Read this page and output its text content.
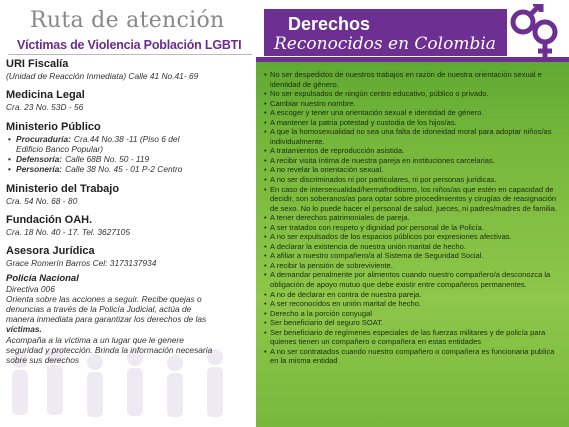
Ruta de atención
Víctimas de Violencia Población LGBTI
URI Fiscalía
(Unidad de Reacción Inmediata) Calle 41 No.41- 69
Medicina Legal
Cra. 23 No. 53D - 56
Ministerio Público
• Procuraduría: Cra.44 No.38 -11 (Piso 6 del
Edificio Banco Popular)
• Defensoría: Calle 68B No. 50 - 119
• Personería: Calle 38 No. 45 - 01 P-2 Centro
Ministerio del Trabajo
Cra. 54 No. 68 - 80
Fundación OAH.
Cra. 18 No. 40 - 17. Tel. 3627105
Asesora Jurídica
Grace Romerín Barros Cel: 3173137934
Policía Nacional
Directiva 006
Orienta sobre las acciones a seguir. Recibe quejas o
denuncias a través de la Policía Judicial, actúa de
manera inmediata para garantizar los derechos de las
víctimas.
Acompaña a la víctima a un lugar que le genere
seguridad y protección. Brinda la información necesaria
sobre sus derechos
Derechos
Reconocidos en Colombia
• No ser despedidos de nuestros trabajos en razón de nuestra orientación sexual e identidad de género.
• No ser expulsados de ningún centro educativo, público o privado.
• Cambiar nuestro nombre.
• A escoger y tener una orientación sexual e identidad de género.
• A mantener la patria potestad y custodia de los hijos/as.
• A que la homosexualidad no sea una falta de idoneidad moral para adoptar niños/as individualmente.
• A tratamientos de reproducción asistida.
• A recibir visita íntima de nuestra pareja en instituciones carcelarias.
• A no revelar la orientación sexual.
• A no ser discriminados ni por particulares, ni por personas jurídicas.
• En caso de intersexualidad/hermafroditismo, los niños/as que estén en capacidad de decidir, son soberanos/as para optar sobre procedimientos y cirugías de reasignación de sexo. No lo puede hacer el personal de salud, jueces, ni padres/madres de familia.
• A tener derechos patrimoniales de pareja.
• A ser tratados con respeto y dignidad por personal de la Policía.
• A no ser expulsados de los espacios públicos por expresiones afectivas.
• A declarar la existencia de nuestra unión marital de hecho.
• A afiliar a nuestro compañero/a al Sistema de Seguridad Social.
• A recibir la pensión de sobreviviente.
• A demandar penalmente por alimentos cuando nuestro compañero/a desconozca la obligación de apoyo mutuo que debe existir entre compañeros permanentes.
• A no de declarar en contra de nuestra pareja.
• A ser reconocidos en unión marital de hecho.
• Derecho a la porción conyugal
• Ser beneficiario del seguro SOAT.
• Ser beneficiario de regímenes especiales de las fuerzas militares y de policía para quienes tienen un compañero o compañera en estas entidades
• A no ser contratados cuando nuestro compañero o compañera es funcionaria publica en la misma entidad
